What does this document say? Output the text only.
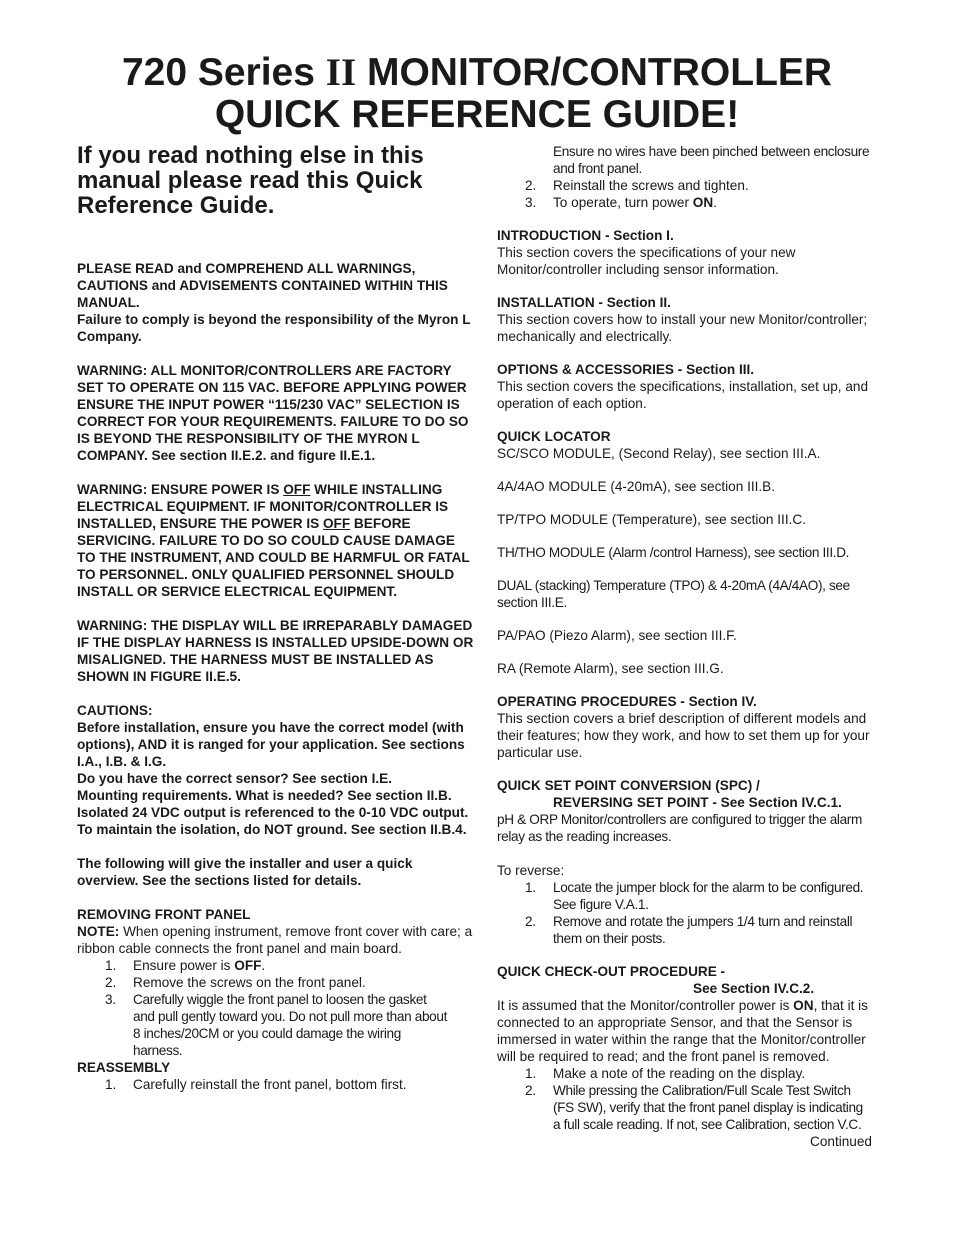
720 Series II MONITOR/CONTROLLER
QUICK REFERENCE GUIDE!

If you read nothing else in this manual please read this Quick Reference Guide.

PLEASE READ and COMPREHEND ALL WARNINGS, CAUTIONS and ADVISEMENTS CONTAINED WITHIN THIS MANUAL.

Failure to comply is beyond the responsibility of the Myron L Company.

WARNING: ALL MONITOR/CONTROLLERS ARE FACTORY SET TO OPERATE ON 115 VAC. BEFORE APPLYING POWER ENSURE THE INPUT POWER “115/230 VAC” SELECTION IS CORRECT FOR YOUR REQUIREMENTS. FAILURE TO DO SO IS BEYOND THE RESPONSIBILITY OF THE MYRON L COMPANY. See section II.E.2. and figure II.E.1.

WARNING: ENSURE POWER IS OFF WHILE INSTALLING ELECTRICAL EQUIPMENT. IF MONITOR/CONTROLLER IS INSTALLED, ENSURE THE POWER IS OFF BEFORE SERVICING. FAILURE TO DO SO COULD CAUSE DAMAGE TO THE INSTRUMENT, AND COULD BE HARMFUL OR FATAL TO PERSONNEL. ONLY QUALIFIED PERSONNEL SHOULD INSTALL OR SERVICE ELECTRICAL EQUIPMENT.

WARNING: THE DISPLAY WILL BE IRREPARABLY DAMAGED IF THE DISPLAY HARNESS IS INSTALLED UPSIDE-DOWN OR MISALIGNED. THE HARNESS MUST BE INSTALLED AS SHOWN IN FIGURE II.E.5.

CAUTIONS:

Before installation, ensure you have the correct model (with options), AND it is ranged for your application. See sections I.A., I.B. & I.G.

Do you have the correct sensor? See section I.E.

Mounting requirements. What is needed? See section II.B.

Isolated 24 VDC output is referenced to the 0-10 VDC output. To maintain the isolation, do NOT ground. See section II.B.4.

The following will give the installer and user a quick overview. See the sections listed for details.

REMOVING FRONT PANEL

NOTE: When opening instrument, remove front cover with care; a ribbon cable connects the front panel and main board.

1.	Ensure power is OFF.
2.	Remove the screws on the front panel.
3.	Carefully wiggle the front panel to loosen the gasket and pull gently toward you. Do not pull more than about 8 inches/20CM or you could damage the wiring harness.

REASSEMBLY

1.	Carefully reinstall the front panel, bottom first.

Ensure no wires have been pinched between enclosure and front panel.

2.	Reinstall the screws and tighten.
3.	To operate, turn power ON.

INTRODUCTION - Section I.

This section covers the specifications of your new Monitor/controller including sensor information.

INSTALLATION - Section II.

This section covers how to install your new Monitor/controller; mechanically and electrically.

OPTIONS & ACCESSORIES - Section III.

This section covers the specifications, installation, set up, and operation of each option.

QUICK LOCATOR

SC/SCO MODULE, (Second Relay), see section III.A.

4A/4AO MODULE (4-20mA), see section III.B.

TP/TPO MODULE (Temperature), see section III.C.

TH/THO MODULE (Alarm /control Harness), see section III.D.

DUAL (stacking) Temperature (TPO) & 4-20mA (4A/4AO), see section III.E.

PA/PAO (Piezo Alarm), see section III.F.

RA (Remote Alarm), see section III.G.

OPERATING PROCEDURES - Section IV.

This section covers a brief description of different models and their features; how they work, and how to set them up for your particular use.

QUICK SET POINT CONVERSION (SPC) /

REVERSING SET POINT - See Section IV.C.1.

pH & ORP Monitor/controllers are configured to trigger the alarm relay as the reading increases.

To reverse:

1.	Locate the jumper block for the alarm to be configured. See figure V.A.1.
2.	Remove and rotate the jumpers 1/4 turn and reinstall them on their posts.

QUICK CHECK-OUT PROCEDURE -

See Section IV.C.2.

It is assumed that the Monitor/controller power is ON, that it is connected to an appropriate Sensor, and that the Sensor is immersed in water within the range that the Monitor/controller will be required to read; and the front panel is removed.

1.	Make a note of the reading on the display.
2.	While pressing the Calibration/Full Scale Test Switch (FS SW), verify that the front panel display is indicating a full scale reading. If not, see Calibration, section V.C.

Continued
